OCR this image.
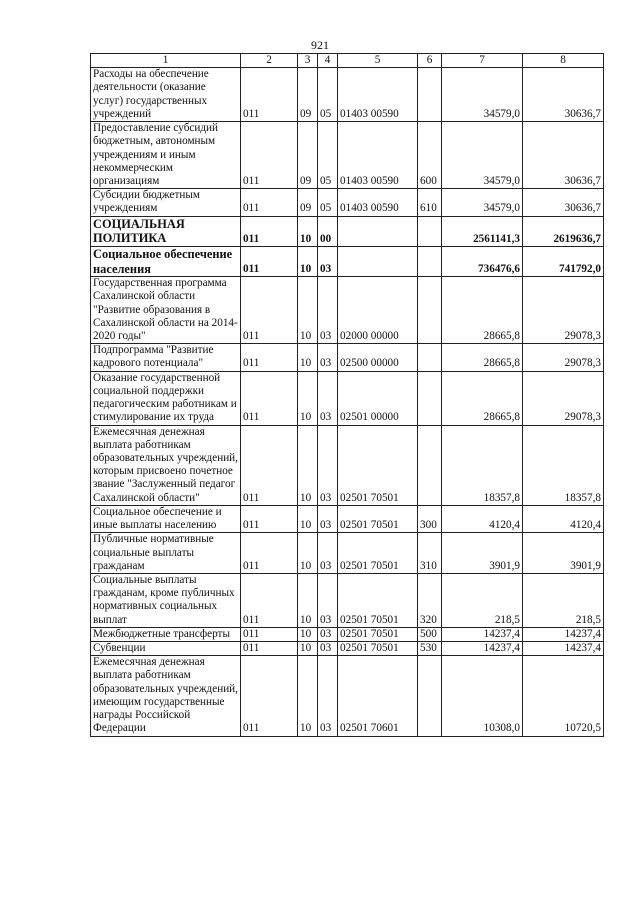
921
1	2	3	4	5	6	7	8
Расходы на обеспечение деятельности (оказание услуг) государственных учреждений	011	09	05	01403 00590		34579,0	30636,7
Предоставление субсидий бюджетным, автономным учреждениям и иным некоммерческим организациям	011	09	05	01403 00590	600	34579,0	30636,7
Субсидии бюджетным учреждениям	011	09	05	01403 00590	610	34579,0	30636,7
СОЦИАЛЬНАЯ ПОЛИТИКА	011	10	00			2561141,3	2619636,7
Социальное обеспечение населения	011	10	03			736476,6	741792,0
Государственная программа Сахалинской области "Развитие образования в Сахалинской области на 2014-2020 годы"	011	10	03	02000 00000		28665,8	29078,3
Подпрограмма "Развитие кадрового потенциала"	011	10	03	02500 00000		28665,8	29078,3
Оказание государственной социальной поддержки педагогическим работникам и стимулирование их труда	011	10	03	02501 00000		28665,8	29078,3
Ежемесячная денежная выплата работникам образовательных учреждений, которым присвоено почетное звание "Заслуженный педагог Сахалинской области"	011	10	03	02501 70501		18357,8	18357,8
Социальное обеспечение и иные выплаты населению	011	10	03	02501 70501	300	4120,4	4120,4
Публичные нормативные социальные выплаты гражданам	011	10	03	02501 70501	310	3901,9	3901,9
Социальные выплаты гражданам, кроме публичных нормативных социальных выплат	011	10	03	02501 70501	320	218,5	218,5
Межбюджетные трансферты	011	10	03	02501 70501	500	14237,4	14237,4
Субвенции	011	10	03	02501 70501	530	14237,4	14237,4
Ежемесячная денежная выплата работникам образовательных учреждений, имеющим государственные награды Российской Федерации	011	10	03	02501 70601		10308,0	10720,5
